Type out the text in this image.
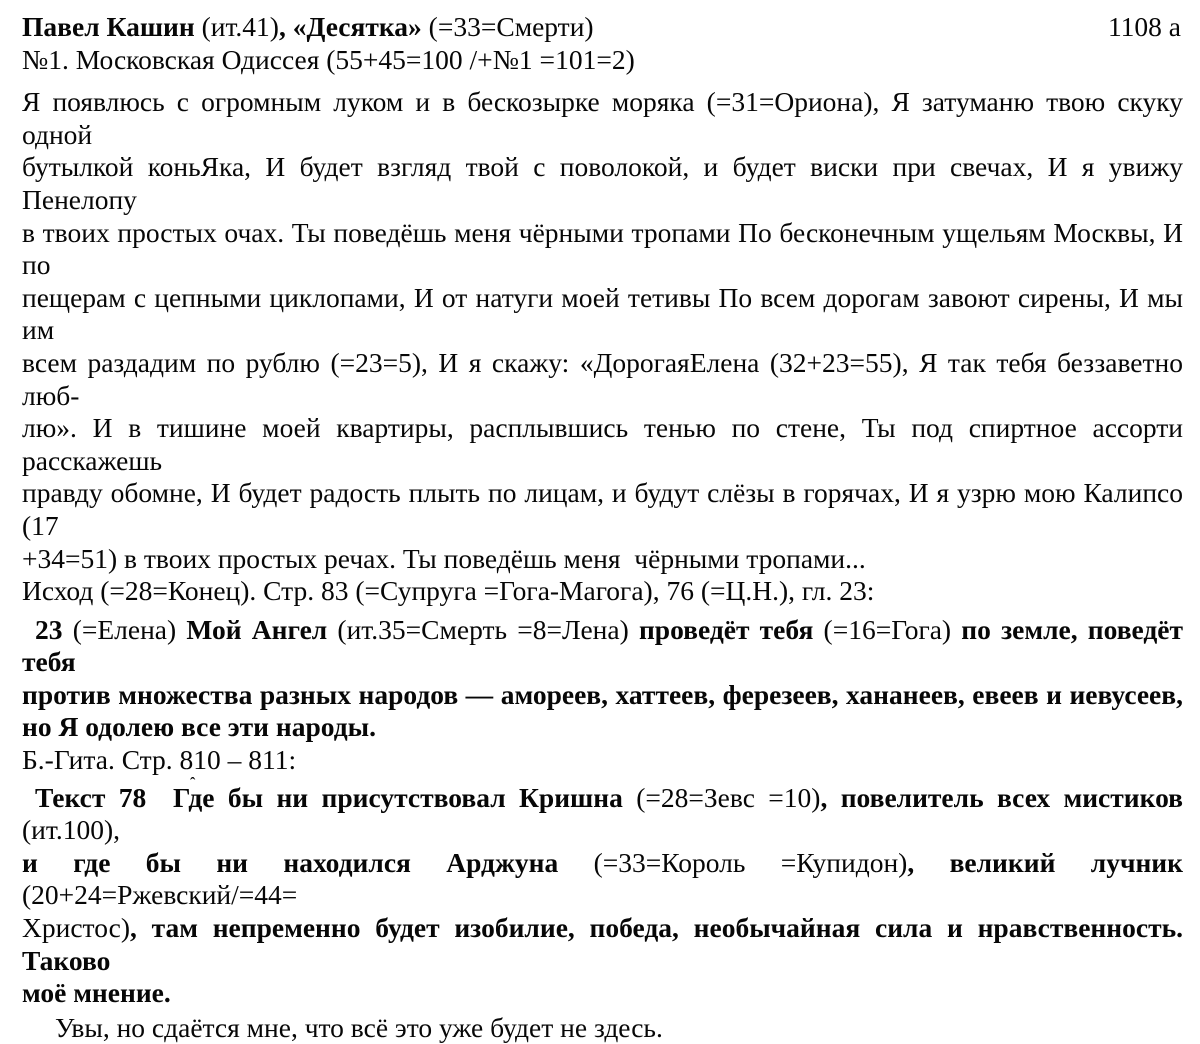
Павел Кашин (ит.41), «Десятка» (=33=Смерти)	1108 а
№1. Московская Одиссея (55+45=100 /+№1 =101=2)
Я появлюсь с огромным луком и в бескозырке моряка (=31=Ориона), Я затуманю твою скуку одной
бутылкой коньЯка, И будет взгляд твой с поволокой, и будет виски при свечах, И я увижу Пенелопу
в твоих простых очах. Ты поведёшь меня чёрными тропами По бесконечным ущельям Москвы, И по
пещерам с цепными циклопами, И от натуги моей тетивы По всем дорогам завоют сирены, И мы им
всем раздадим по рублю (=23=5), И я скажу: «ДорогаяЕлена (32+23=55), Я так тебя беззаветно люб-
лю». И в тишине моей квартиры, расплывшись тенью по стене, Ты под спиртное ассорти расскажешь
правду обомне, И будет радость плыть по лицам, и будут слёзы в горячах, И я узрю мою Калипсо (17
+34=51) в твоих простых речах. Ты поведёшь меня  чёрными тропами...
Исход (=28=Конец). Стр. 83 (=Супруга =Гога-Магога), 76 (=Ц.Н.), гл. 23:
23 (=Елена) Мой Ангел (ит.35=Смерть =8=Лена) проведёт тебя (=16=Гога) по земле, поведёт тебя
против множества разных народов — амореев, хаттеев, ферезеев, хананеев, евеев и иевусеев,
но Я одолею все эти народы.
Б.-Гита. Стр. 810 – 811:
Текст 78  ˆ Где бы ни присутствовал Кришна (=28=Зевс =10), повелитель всех мистиков (ит.100),
и где бы ни находился Арджуна (=33=Король =Купидон), великий лучник (20+24=Ржевский/=44=
Христос), там непременно будет изобилие, победа, необычайная сила и нравственность. Таково
моё мнение.
Увы, но сдаётся мне, что всё это уже будет не здесь.
